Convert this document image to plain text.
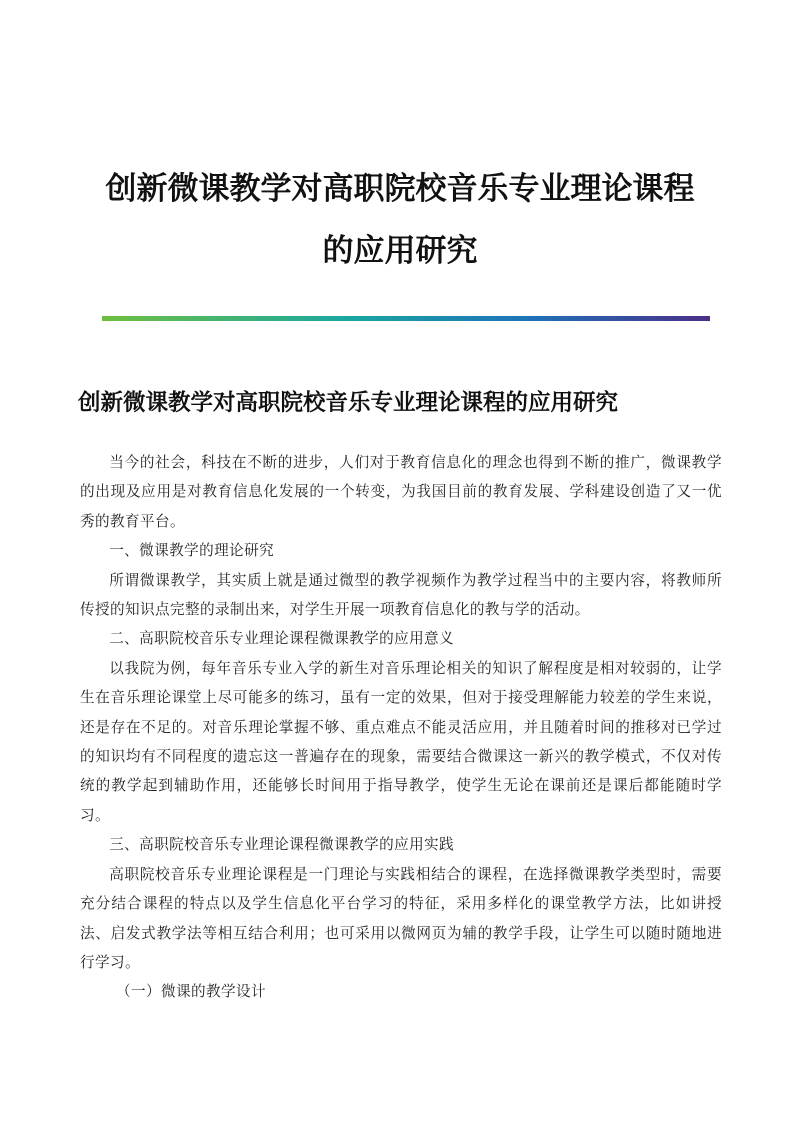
创新微课教学对高职院校音乐专业理论课程
的应用研究
创新微课教学对高职院校音乐专业理论课程的应用研究

当今的社会，科技在不断的进步，人们对于教育信息化的理念也得到不断的推广，微课教学的出现及应用是对教育信息化发展的一个转变，为我国目前的教育发展、学科建设创造了又一优秀的教育平台。

一、微课教学的理论研究

所谓微课教学，其实质上就是通过微型的教学视频作为教学过程当中的主要内容，将教师所传授的知识点完整的录制出来，对学生开展一项教育信息化的教与学的活动。

二、高职院校音乐专业理论课程微课教学的应用意义

以我院为例，每年音乐专业入学的新生对音乐理论相关的知识了解程度是相对较弱的，让学生在音乐理论课堂上尽可能多的练习，虽有一定的效果，但对于接受理解能力较差的学生来说，还是存在不足的。对音乐理论掌握不够、重点难点不能灵活应用，并且随着时间的推移对已学过的知识均有不同程度的遗忘这一普遍存在的现象，需要结合微课这一新兴的教学模式，不仅对传统的教学起到辅助作用，还能够长时间用于指导教学，使学生无论在课前还是课后都能随时学习。

三、高职院校音乐专业理论课程微课教学的应用实践

高职院校音乐专业理论课程是一门理论与实践相结合的课程，在选择微课教学类型时，需要充分结合课程的特点以及学生信息化平台学习的特征，采用多样化的课堂教学方法，比如讲授法、启发式教学法等相互结合利用；也可采用以微网页为辅的教学手段，让学生可以随时随地进行学习。

（一）微课的教学设计
